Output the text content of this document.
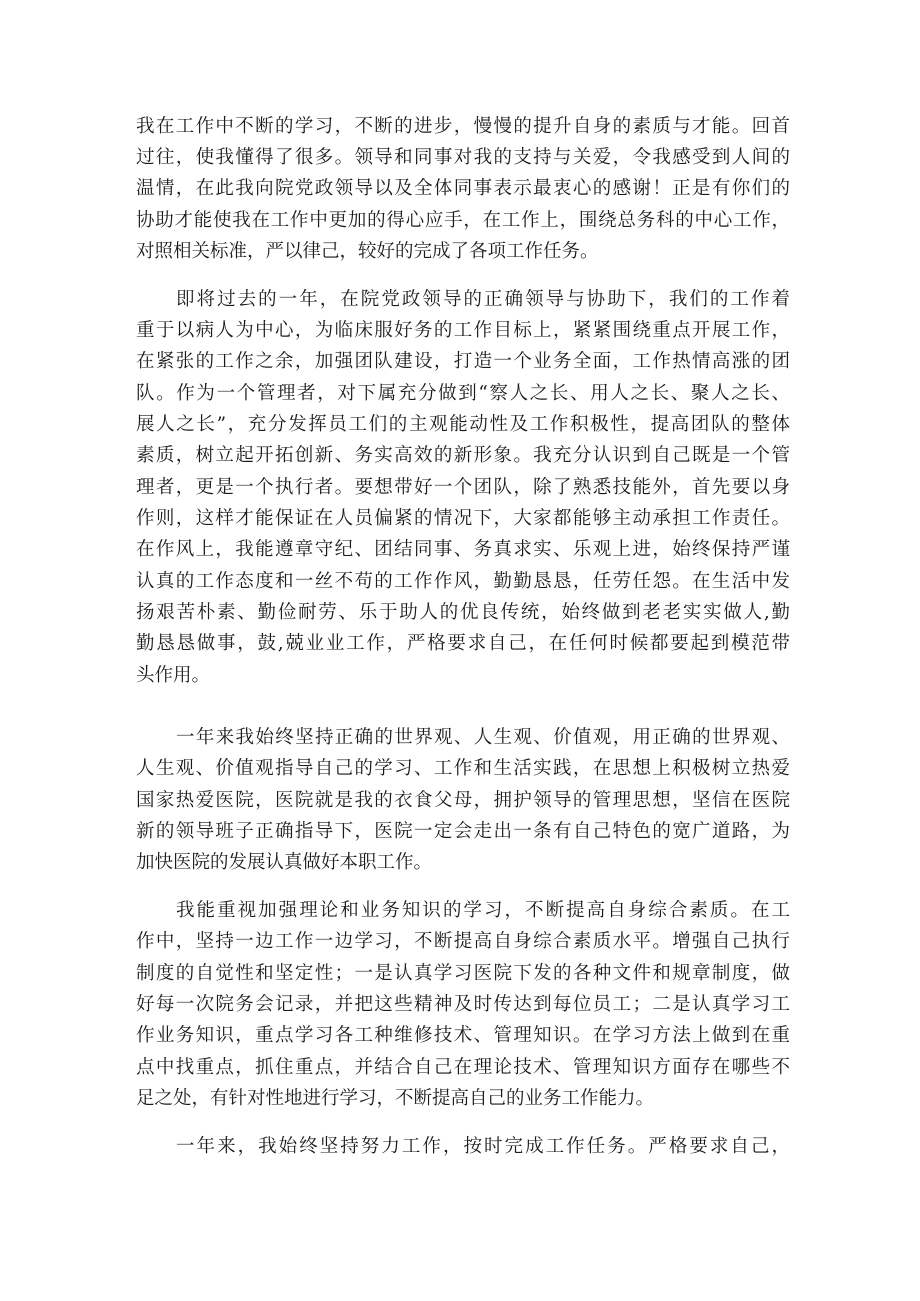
我在工作中不断的学习，不断的进步，慢慢的提升自身的素质与才能。回首

过往，使我懂得了很多。领导和同事对我的支持与关爱，令我感受到人间的

温情，在此我向院党政领导以及全体同事表示最衷心的感谢！正是有你们的

协助才能使我在工作中更加的得心应手，在工作上，围绕总务科的中心工作，

对照相关标准，严以律己，较好的完成了各项工作任务。

即将过去的一年，在院党政领导的正确领导与协助下，我们的工作着

重于以病人为中心，为临床服好务的工作目标上，紧紧围绕重点开展工作，

在紧张的工作之余，加强团队建设，打造一个业务全面，工作热情高涨的团

队。作为一个管理者，对下属充分做到“察人之长、用人之长、聚人之长、

展人之长”，充分发挥员工们的主观能动性及工作积极性，提高团队的整体

素质，树立起开拓创新、务实高效的新形象。我充分认识到自己既是一个管

理者，更是一个执行者。要想带好一个团队，除了熟悉技能外，首先要以身

作则，这样才能保证在人员偏紧的情况下，大家都能够主动承担工作责任。

在作风上，我能遵章守纪、团结同事、务真求实、乐观上进，始终保持严谨

认真的工作态度和一丝不苟的工作作风，勤勤恳恳，任劳任怨。在生活中发

扬艰苦朴素、勤俭耐劳、乐于助人的优良传统，始终做到老老实实做人,勤

勤恳恳做事，鼓,兢业业工作，严格要求自己，在任何时候都要起到模范带

头作用。

一年来我始终坚持正确的世界观、人生观、价值观，用正确的世界观、

人生观、价值观指导自己的学习、工作和生活实践，在思想上积极树立热爱

国家热爱医院，医院就是我的衣食父母，拥护领导的管理思想，坚信在医院

新的领导班子正确指导下，医院一定会走出一条有自己特色的宽广道路，为

加快医院的发展认真做好本职工作。

我能重视加强理论和业务知识的学习，不断提高自身综合素质。在工

作中，坚持一边工作一边学习，不断提高自身综合素质水平。增强自己执行

制度的自觉性和坚定性；一是认真学习医院下发的各种文件和规章制度，做

好每一次院务会记录，并把这些精神及时传达到每位员工；二是认真学习工

作业务知识，重点学习各工种维修技术、管理知识。在学习方法上做到在重

点中找重点，抓住重点，并结合自己在理论技术、管理知识方面存在哪些不

足之处，有针对性地进行学习，不断提高自己的业务工作能力。

一年来，我始终坚持努力工作，按时完成工作任务。严格要求自己，
